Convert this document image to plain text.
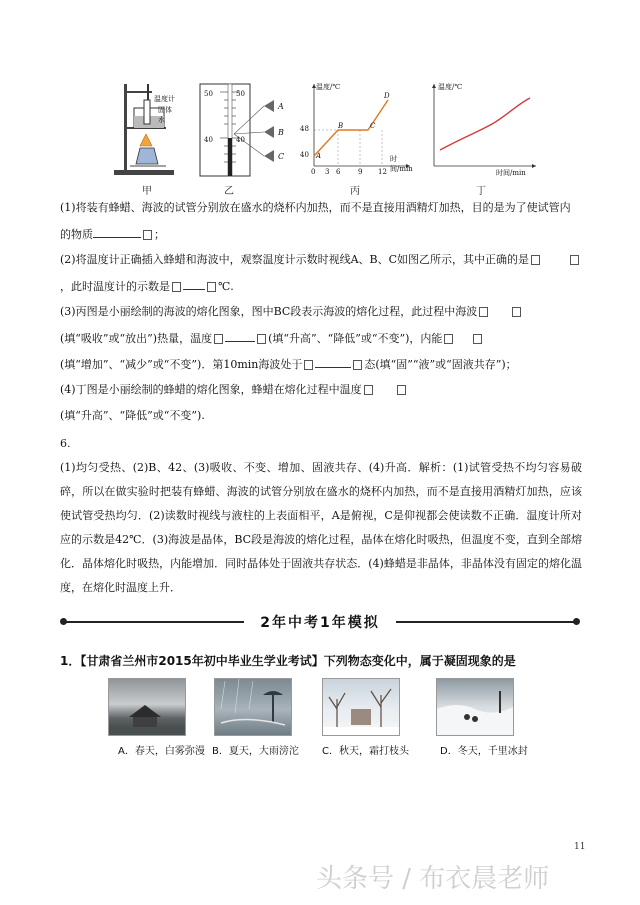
温度计
固体
水
甲
50
40
50
40
A
B
C
乙
温度/℃
时间/min
48
40
0 3 6	9 12
A
B	C
D
丙
温度/℃
时间/min
丁
(1)将装有蜂蜡、海波的试管分别放在盛水的烧杯内加热，而不是直接用酒精灯加热，目的是为了使试管内
的物质	；
(2)将温度计正确插入蜂蜡和海波中，观察温度计示数时视线A、B、C如图乙所示，其中正确的是
，此时温度计的示数是	℃.
(3)丙图是小丽绘制的海波的熔化图象，图中BC段表示海波的熔化过程，此过程中海波
(填“吸收”或“放出”)热量，温度	(填“升高”、“降低”或“不变”)，内能
(填“增加”、“减少”或“不变”)．第10min海波处于	态(填“固”“液”或“固液共存”)；
(4)丁图是小丽绘制的蜂蜡的熔化图象，蜂蜡在熔化过程中温度
(填“升高”、“降低”或“不变”).
6.
(1)均匀受热、(2)B、42、(3)吸收、不变、增加、固液共存、(4)升高．解析：(1)试管受热不均匀容易破碎，所以在做实验时把装有蜂蜡、海波的试管分别放在盛水的烧杯内加热，而不是直接用酒精灯加热，应该使试管受热均匀．(2)读数时视线与液柱的上表面相平，A是俯视，C是仰视都会使读数不正确．温度计所对应的示数是42℃．(3)海波是晶体，BC段是海波的熔化过程，晶体在熔化时吸热，但温度不变，直到全部熔化．晶体熔化时吸热，内能增加．同时晶体处于固液共存状态．(4)蜂蜡是非晶体，非晶体没有固定的熔化温度，在熔化时温度上升．
2年中考1年模拟
1．【甘肃省兰州市2015年初中毕业生学业考试】下列物态变化中，属于凝固现象的是
A．春天，白雾弥漫 B．夏天，大雨滂沱 C．秋天，霜打枝头	D．冬天，千里冰封
11
头条号 / 布衣晨老师
